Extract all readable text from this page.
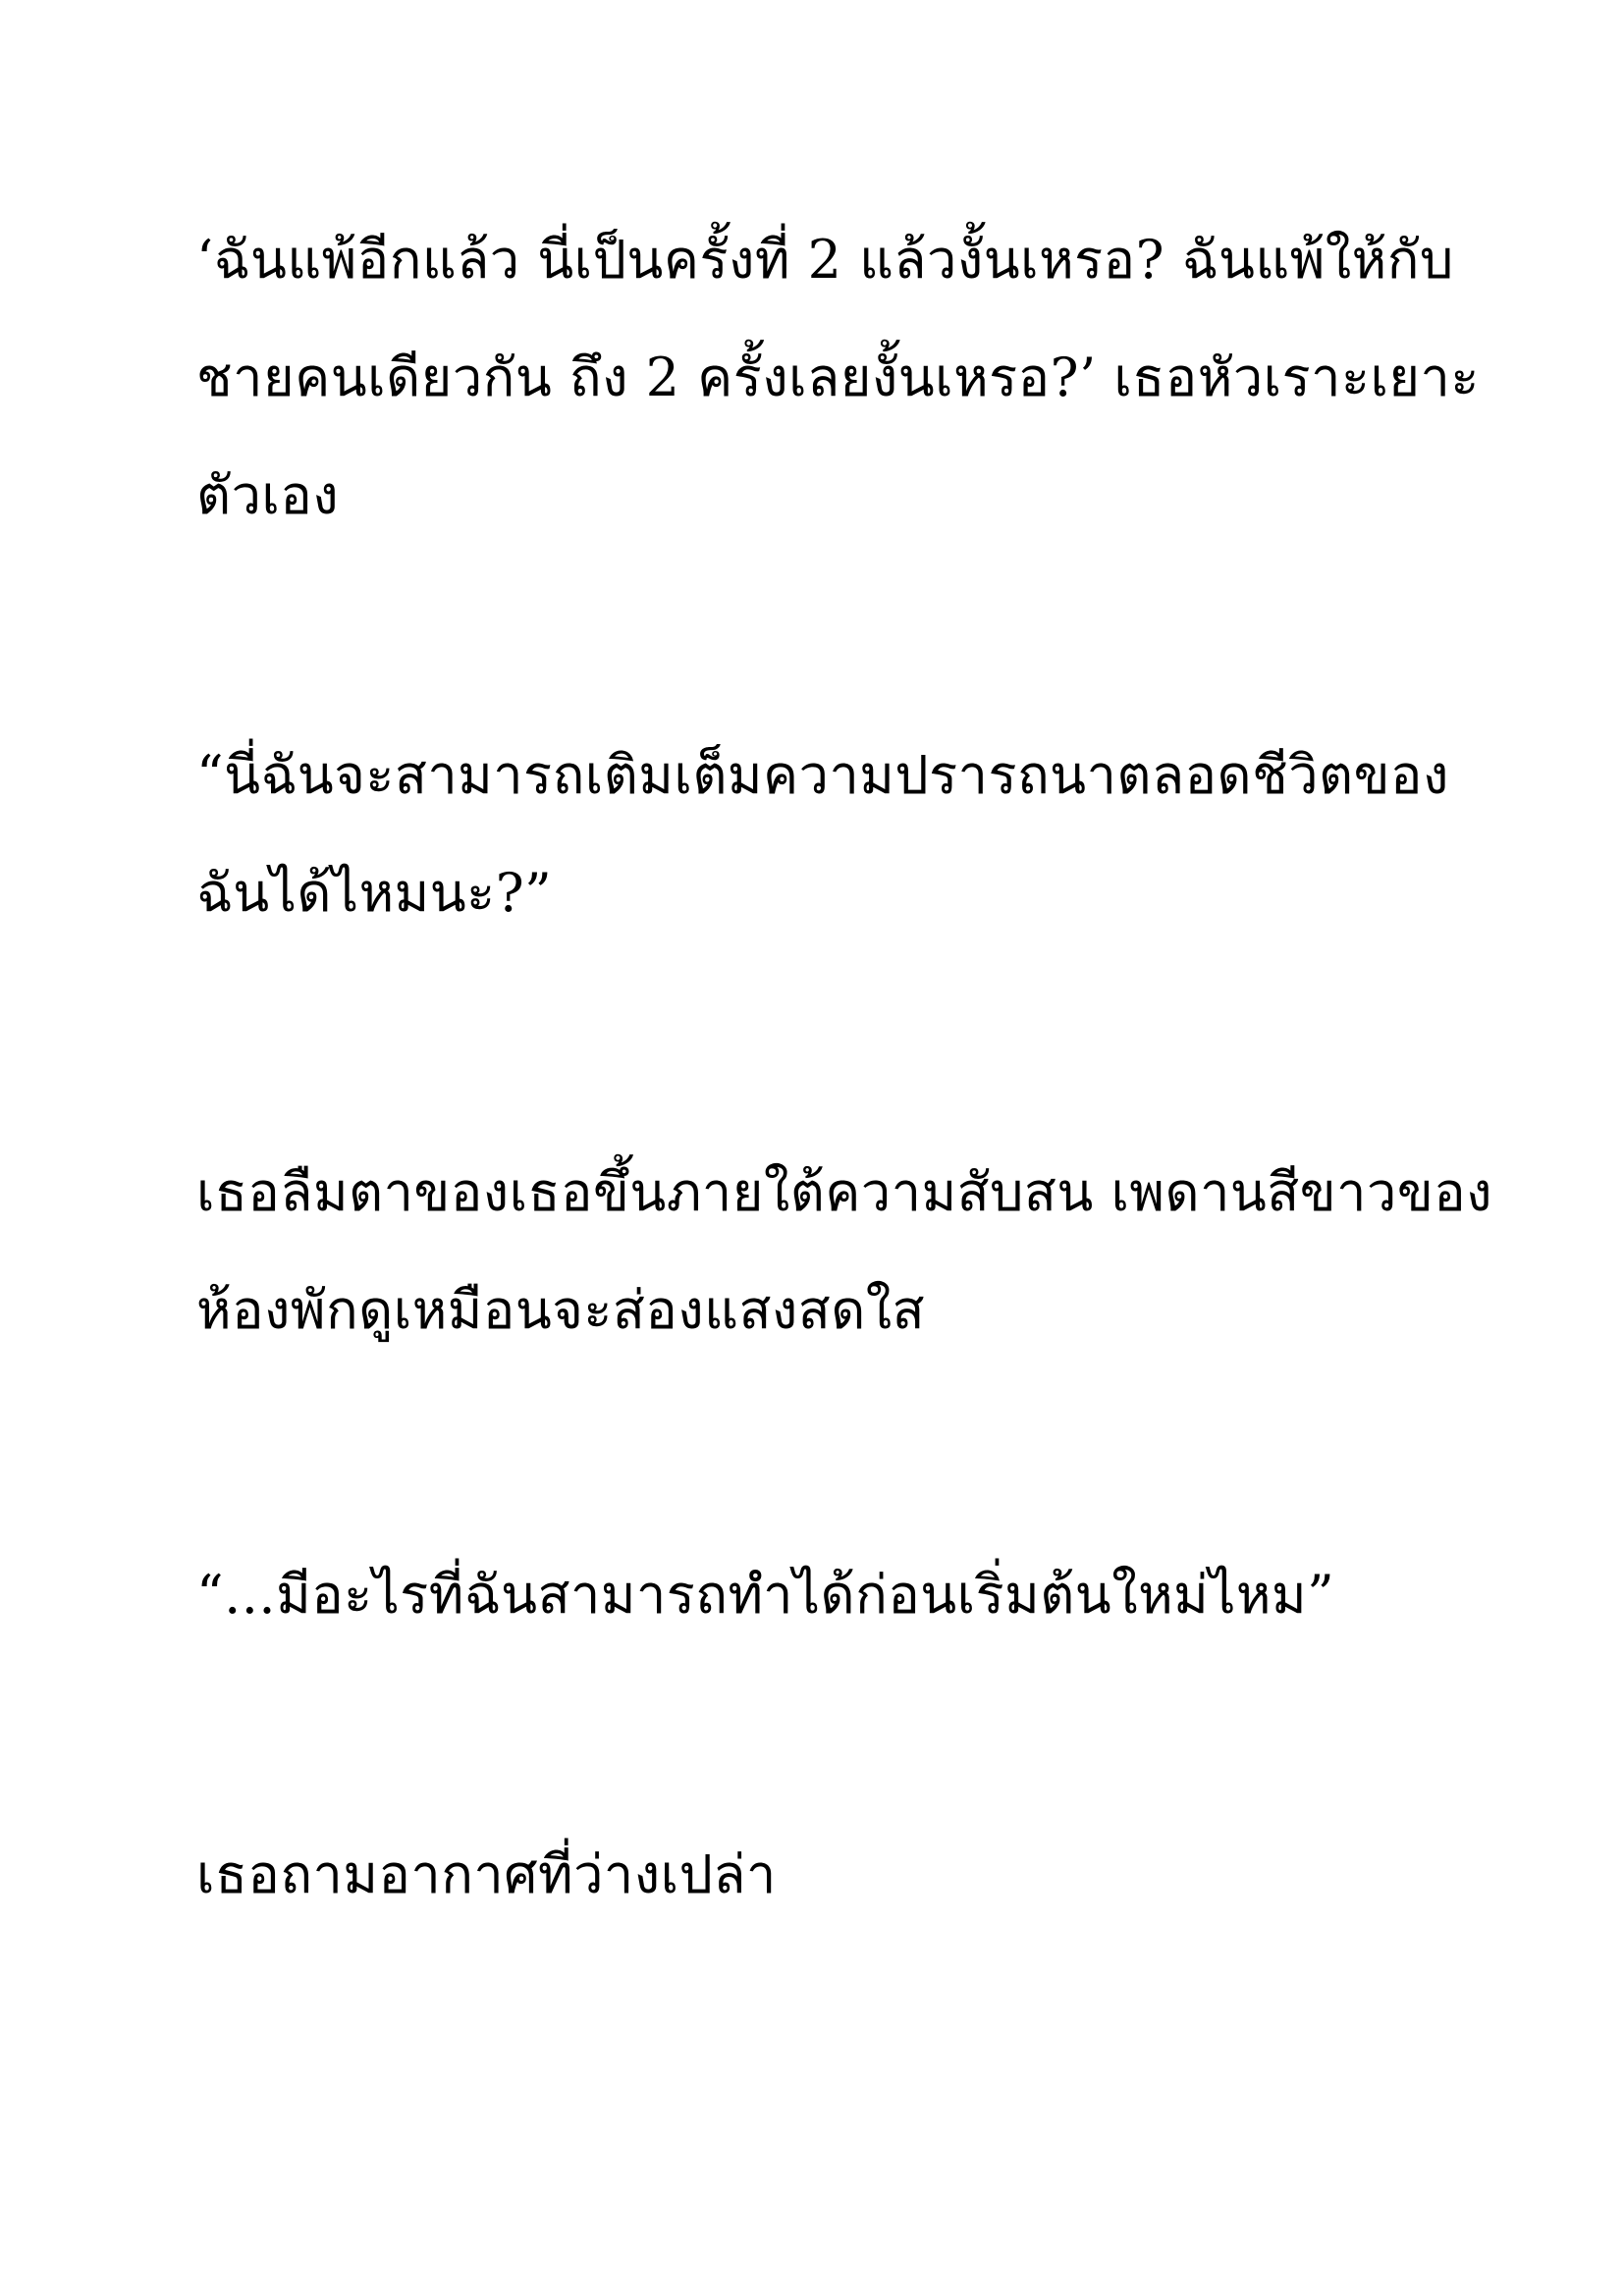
‘ฉันแพ้อีกแล้ว นี่เป็นครั้งที่ 2 แล้วงั้นเหรอ? ฉันแพ้ให้กับ
ชายคนเดียวกัน ถึง 2 ครั้งเลยงั้นเหรอ?’ เธอหัวเราะเยาะ
ตัวเอง
“นี่ฉันจะสามารถเติมเต็มความปรารถนาตลอดชีวิตของ
ฉันได้ไหมนะ?”
เธอลืมตาของเธอขึ้นภายใต้ความสับสน เพดานสีขาวของ
ห้องพักดูเหมือนจะส่องแสงสดใส
“...มีอะไรที่ฉันสามารถทำได้ก่อนเริ่มต้นใหม่ไหม”
เธอถามอากาศที่ว่างเปล่า
